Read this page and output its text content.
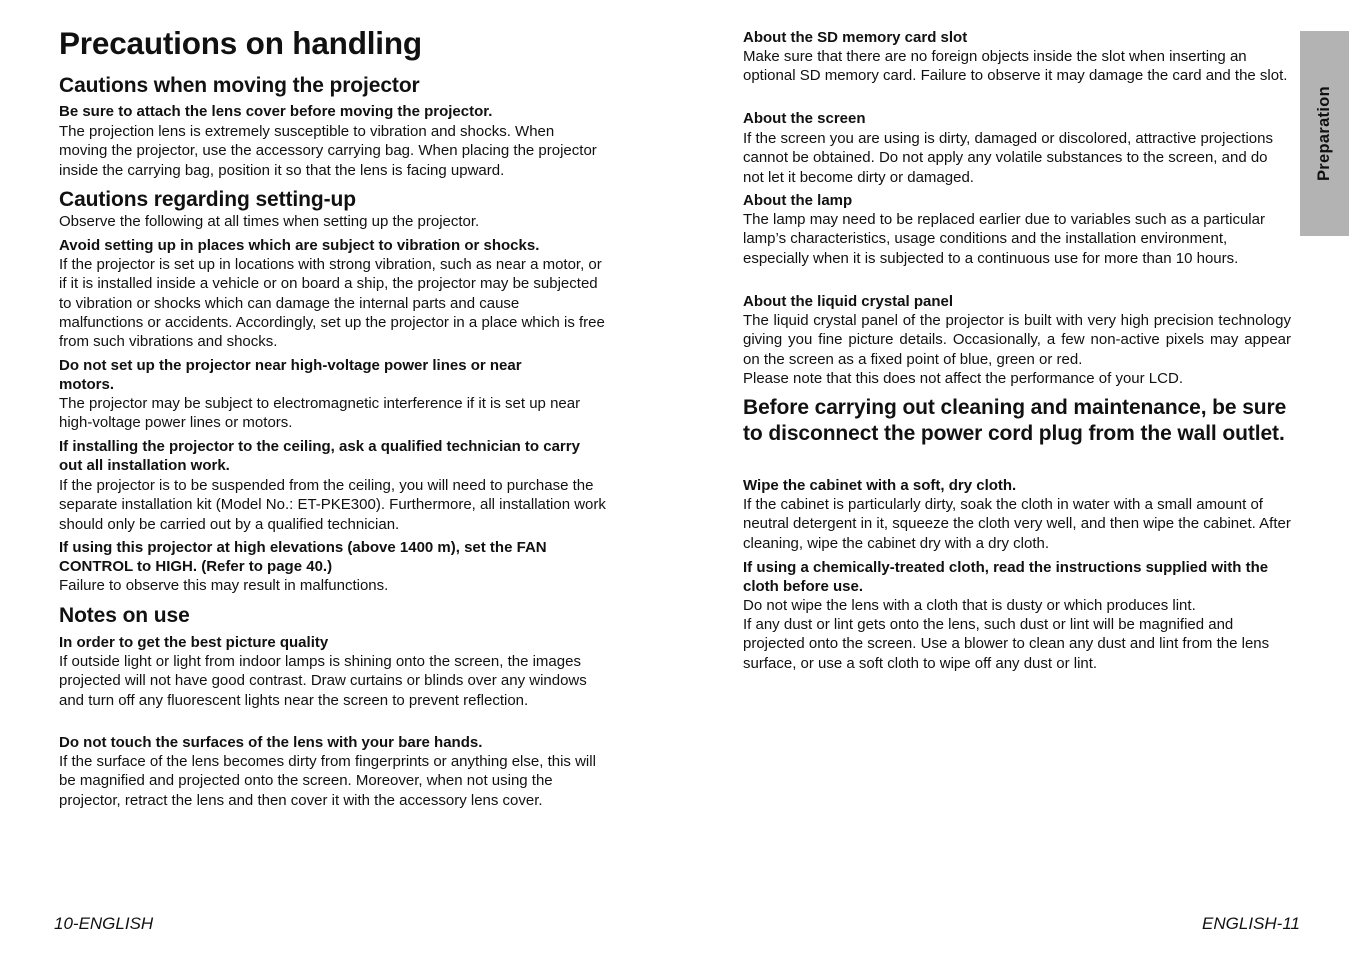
Precautions on handling
Cautions when moving the projector

Be sure to attach the lens cover before moving the projector.

The projection lens is extremely susceptible to vibration and shocks. When moving the projector, use the accessory carrying bag. When placing the projector inside the carrying bag, position it so that the lens is facing upward.

Cautions regarding setting-up

Observe the following at all times when setting up the projector.

Avoid setting up in places which are subject to vibration or shocks.

If the projector is set up in locations with strong vibration, such as near a motor, or if it is installed inside a vehicle or on board a ship, the projector may be subjected to vibration or shocks which can damage the internal parts and cause malfunctions or accidents. Accordingly, set up the projector in a place which is free from such vibrations and shocks.

Do not set up the projector near high-voltage power lines or near motors.

The projector may be subject to electromagnetic interference if it is set up near high-voltage power lines or motors.

If installing the projector to the ceiling, ask a qualified technician to carry out all installation work.

If the projector is to be suspended from the ceiling, you will need to purchase the separate installation kit (Model No.: ET-PKE300). Furthermore, all installation work should only be carried out by a qualified technician.

If using this projector at high elevations (above 1400 m), set the FAN CONTROL to HIGH. (Refer to page 40.)

Failure to observe this may result in malfunctions.

Notes on use

In order to get the best picture quality

If outside light or light from indoor lamps is shining onto the screen, the images projected will not have good contrast. Draw curtains or blinds over any windows and turn off any fluorescent lights near the screen to prevent reflection.

Do not touch the surfaces of the lens with your bare hands.

If the surface of the lens becomes dirty from fingerprints or anything else, this will be magnified and projected onto the screen. Moreover, when not using the projector, retract the lens and then cover it with the accessory lens cover.

About the SD memory card slot

Make sure that there are no foreign objects inside the slot when inserting an optional SD memory card. Failure to observe it may damage the card and the slot.

About the screen

If the screen you are using is dirty, damaged or discolored, attractive projections cannot be obtained. Do not apply any volatile substances to the screen, and do not let it become dirty or damaged.

About the lamp

The lamp may need to be replaced earlier due to variables such as a particular lamp’s characteristics, usage conditions and the installation environment, especially when it is subjected to a continuous use for more than 10 hours.

About the liquid crystal panel

The liquid crystal panel of the projector is built with very high precision technology giving you fine picture details. Occasionally, a few non-active pixels may appear on the screen as a fixed point of blue, green or red.

Please note that this does not affect the performance of your LCD.

Before carrying out cleaning and maintenance, be sure to disconnect the power cord plug from the wall outlet.

Wipe the cabinet with a soft, dry cloth.

If the cabinet is particularly dirty, soak the cloth in water with a small amount of neutral detergent in it, squeeze the cloth very well, and then wipe the cabinet. After cleaning, wipe the cabinet dry with a dry cloth.

If using a chemically-treated cloth, read the instructions supplied with the cloth before use.

Do not wipe the lens with a cloth that is dusty or which produces lint.

If any dust or lint gets onto the lens, such dust or lint will be magnified and projected onto the screen. Use a blower to clean any dust and lint from the lens surface, or use a soft cloth to wipe off any dust or lint.

Preparation
10-ENGLISH	ENGLISH-11
